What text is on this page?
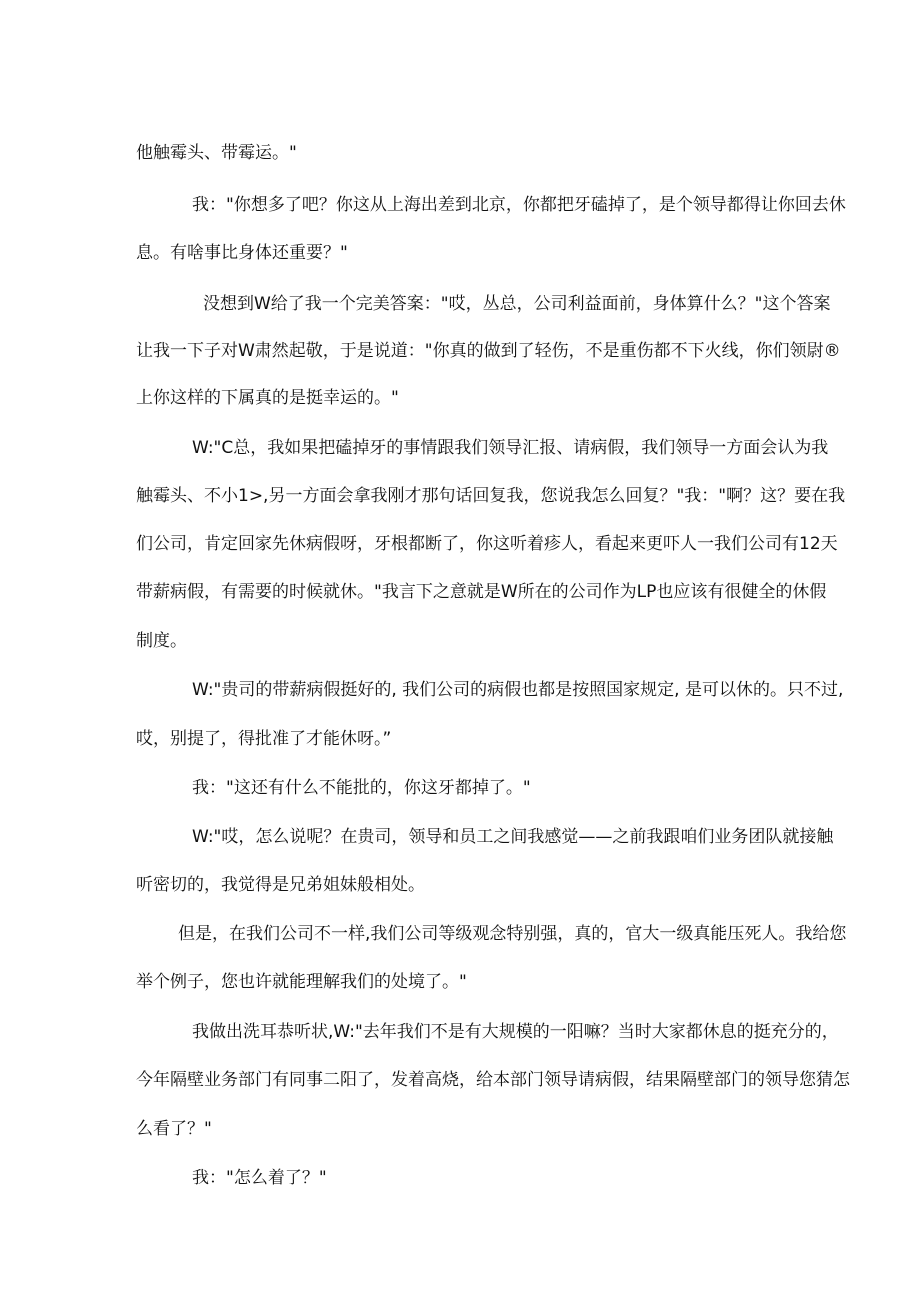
他触霉头、带霉运。"

我："你想多了吧？你这从上海出差到北京，你都把牙磕掉了，是个领导都得让你回去休

息。有啥事比身体还重要？"

没想到W给了我一个完美答案："哎，丛总，公司利益面前，身体算什么？"这个答案

让我一下子对W肃然起敬，于是说道："你真的做到了轻伤，不是重伤都不下火线，你们领尉®

上你这样的下属真的是挺幸运的。"

W:"C总，我如果把磕掉牙的事情跟我们领导汇报、请病假，我们领导一方面会认为我

触霉头、不小1>,另一方面会拿我刚才那句话回复我，您说我怎么回复？"我："啊？这？要在我

们公司，肯定回家先休病假呀，牙根都断了，你这听着疹人，看起来更吓人一我们公司有12天

带薪病假，有需要的时候就休。"我言下之意就是W所在的公司作为LP也应该有很健全的休假

制度。

W:"贵司的带薪病假挺好的, 我们公司的病假也都是按照国家规定, 是可以休的。只不过,

哎，别提了，得批准了才能休呀。”

我："这还有什么不能批的，你这牙都掉了。"

W:"哎，怎么说呢？在贵司，领导和员工之间我感觉——之前我跟咱们业务团队就接触

听密切的，我觉得是兄弟姐妹般相处。

但是，在我们公司不一样,我们公司等级观念特别强，真的，官大一级真能压死人。我给您

举个例子，您也许就能理解我们的处境了。"

我做出洗耳恭听状,W:"去年我们不是有大规模的一阳嘛？当时大家都休息的挺充分的，

今年隔壁业务部门有同事二阳了，发着高烧，给本部门领导请病假，结果隔壁部门的领导您猜怎

么看了？"

我："怎么着了？"
